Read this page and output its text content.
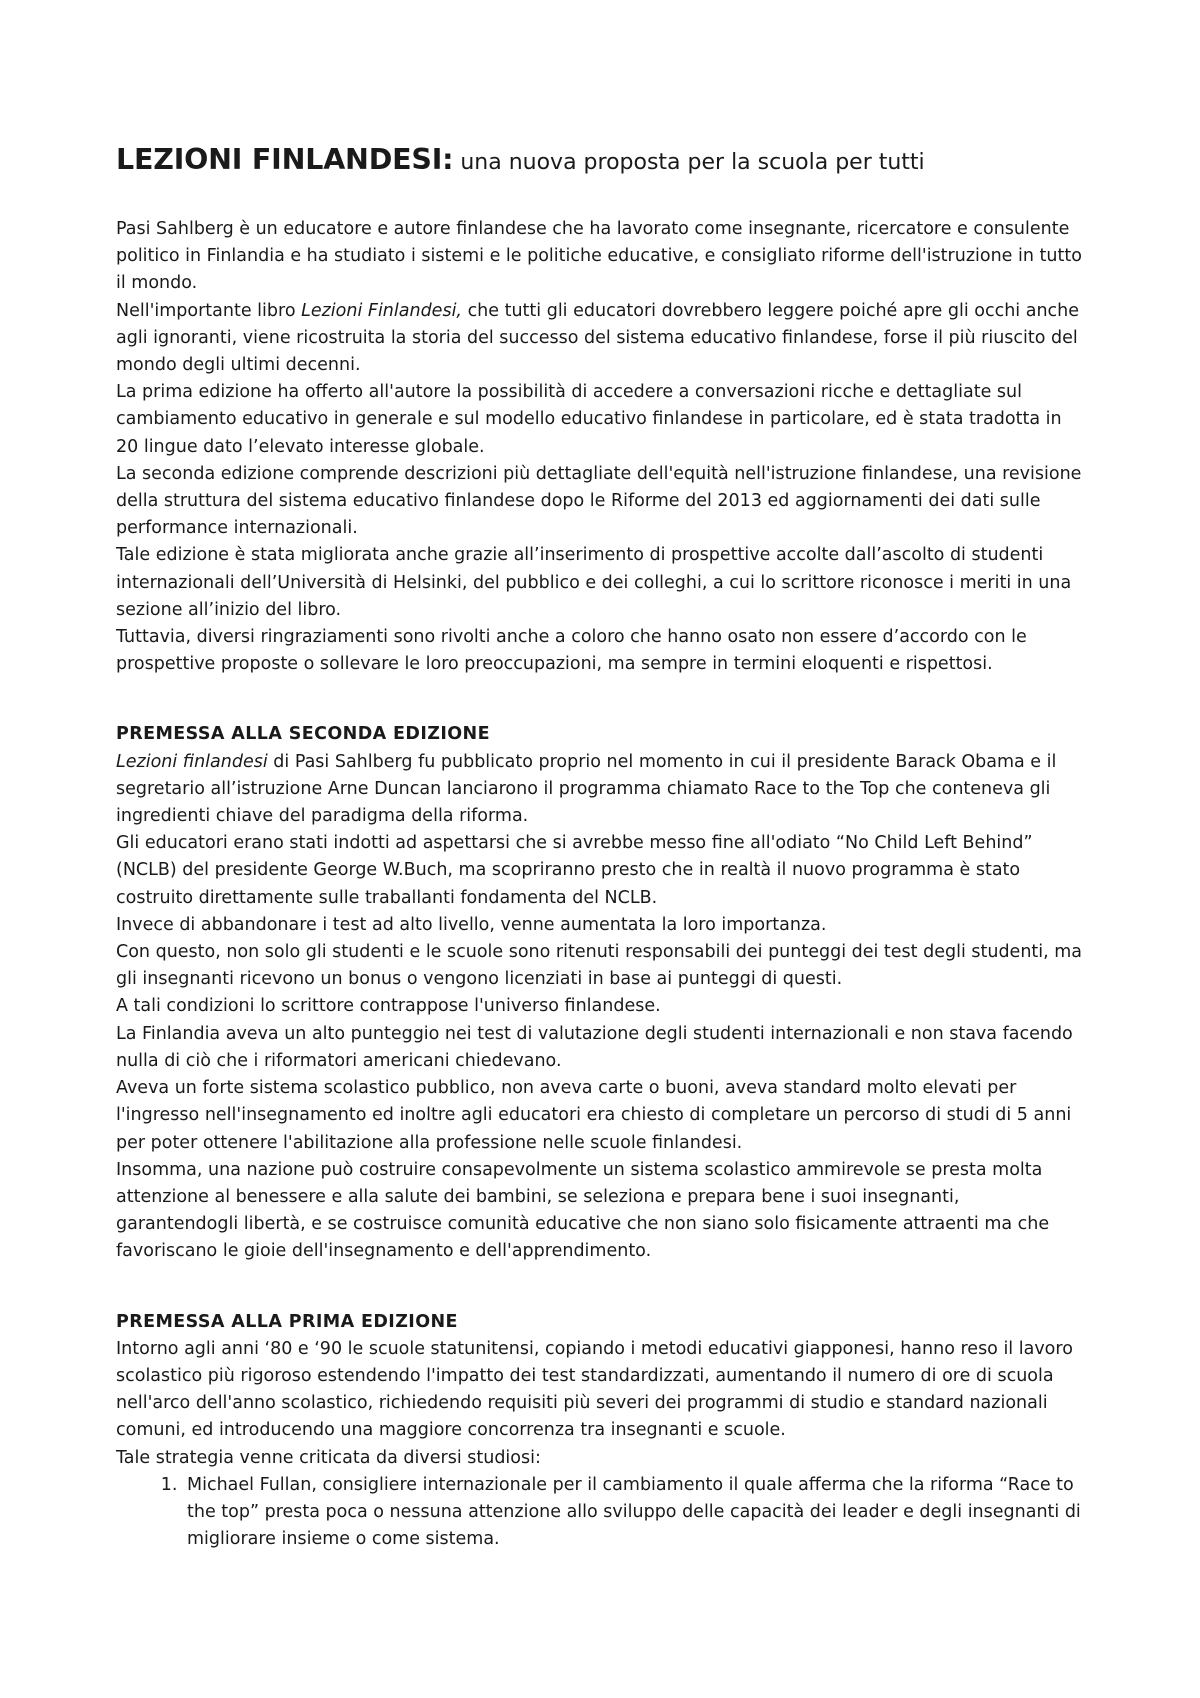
LEZIONI FINLANDESI: una nuova proposta per la scuola per tutti

Pasi Sahlberg è un educatore e autore finlandese che ha lavorato come insegnante, ricercatore e consulente politico in Finlandia e ha studiato i sistemi e le politiche educative, e consigliato riforme dell'istruzione in tutto il mondo.

Nell'importante libro Lezioni Finlandesi, che tutti gli educatori dovrebbero leggere poiché apre gli occhi anche agli ignoranti, viene ricostruita la storia del successo del sistema educativo finlandese, forse il più riuscito del mondo degli ultimi decenni.

La prima edizione ha offerto all'autore la possibilità di accedere a conversazioni ricche e dettagliate sul cambiamento educativo in generale e sul modello educativo finlandese in particolare, ed è stata tradotta in 20 lingue dato l’elevato interesse globale.

La seconda edizione comprende descrizioni più dettagliate dell'equità nell'istruzione finlandese, una revisione della struttura del sistema educativo finlandese dopo le Riforme del 2013 ed aggiornamenti dei dati sulle performance internazionali.

Tale edizione è stata migliorata anche grazie all’inserimento di prospettive accolte dall’ascolto di studenti internazionali dell’Università di Helsinki, del pubblico e dei colleghi, a cui lo scrittore riconosce i meriti in una sezione all’inizio del libro.

Tuttavia, diversi ringraziamenti sono rivolti anche a coloro che hanno osato non essere d’accordo con le prospettive proposte o sollevare le loro preoccupazioni, ma sempre in termini eloquenti e rispettosi.

PREMESSA ALLA SECONDA EDIZIONE

Lezioni finlandesi di Pasi Sahlberg fu pubblicato proprio nel momento in cui il presidente Barack Obama e il segretario all’istruzione Arne Duncan lanciarono il programma chiamato Race to the Top che conteneva gli ingredienti chiave del paradigma della riforma.

Gli educatori erano stati indotti ad aspettarsi che si avrebbe messo fine all'odiato “No Child Left Behind” (NCLB) del presidente George W.Buch, ma scopriranno presto che in realtà il nuovo programma è stato costruito direttamente sulle traballanti fondamenta del NCLB.

Invece di abbandonare i test ad alto livello, venne aumentata la loro importanza.

Con questo, non solo gli studenti e le scuole sono ritenuti responsabili dei punteggi dei test degli studenti, ma gli insegnanti ricevono un bonus o vengono licenziati in base ai punteggi di questi.

A tali condizioni lo scrittore contrappose l'universo finlandese.

La Finlandia aveva un alto punteggio nei test di valutazione degli studenti internazionali e non stava facendo nulla di ciò che i riformatori americani chiedevano.

Aveva un forte sistema scolastico pubblico, non aveva carte o buoni, aveva standard molto elevati per l'ingresso nell'insegnamento ed inoltre agli educatori era chiesto di completare un percorso di studi di 5 anni per poter ottenere l'abilitazione alla professione nelle scuole finlandesi.

Insomma, una nazione può costruire consapevolmente un sistema scolastico ammirevole se presta molta attenzione al benessere e alla salute dei bambini, se seleziona e prepara bene i suoi insegnanti, garantendogli libertà, e se costruisce comunità educative che non siano solo fisicamente attraenti ma che favoriscano le gioie dell'insegnamento e dell'apprendimento.

PREMESSA ALLA PRIMA EDIZIONE

Intorno agli anni ‘80 e ‘90 le scuole statunitensi, copiando i metodi educativi giapponesi, hanno reso il lavoro scolastico più rigoroso estendendo l'impatto dei test standardizzati, aumentando il numero di ore di scuola nell'arco dell'anno scolastico, richiedendo requisiti più severi dei programmi di studio e standard nazionali comuni, ed introducendo una maggiore concorrenza tra insegnanti e scuole.

Tale strategia venne criticata da diversi studiosi:

1. Michael Fullan, consigliere internazionale per il cambiamento il quale afferma che la riforma “Race to the top” presta poca o nessuna attenzione allo sviluppo delle capacità dei leader e degli insegnanti di migliorare insieme o come sistema.
